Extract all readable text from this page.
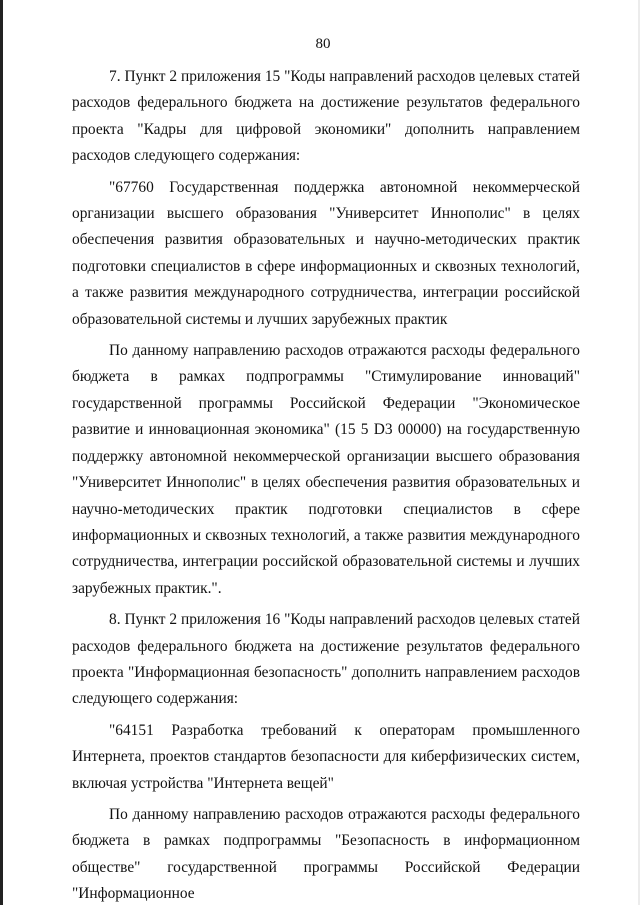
80

7. Пункт 2 приложения 15 "Коды направлений расходов целевых статей расходов федерального бюджета на достижение результатов федерального проекта "Кадры для цифровой экономики" дополнить направлением расходов следующего содержания:

"67760 Государственная поддержка автономной некоммерческой организации высшего образования "Университет Иннополис" в целях обеспечения развития образовательных и научно-методических практик подготовки специалистов в сфере информационных и сквозных технологий, а также развития международного сотрудничества, интеграции российской образовательной системы и лучших зарубежных практик

По данному направлению расходов отражаются расходы федерального бюджета в рамках подпрограммы "Стимулирование инноваций" государственной программы Российской Федерации "Экономическое развитие и инновационная экономика" (15 5 D3 00000) на государственную поддержку автономной некоммерческой организации высшего образования "Университет Иннополис" в целях обеспечения развития образовательных и научно-методических практик подготовки специалистов в сфере информационных и сквозных технологий, а также развития международного сотрудничества, интеграции российской образовательной системы и лучших зарубежных практик.".

8. Пункт 2 приложения 16 "Коды направлений расходов целевых статей расходов федерального бюджета на достижение результатов федерального проекта "Информационная безопасность" дополнить направлением расходов следующего содержания:

"64151 Разработка требований к операторам промышленного Интернета, проектов стандартов безопасности для киберфизических систем, включая устройства "Интернета вещей"

По данному направлению расходов отражаются расходы федерального бюджета в рамках подпрограммы "Безопасность в информационном обществе" государственной программы Российской Федерации "Информационное
